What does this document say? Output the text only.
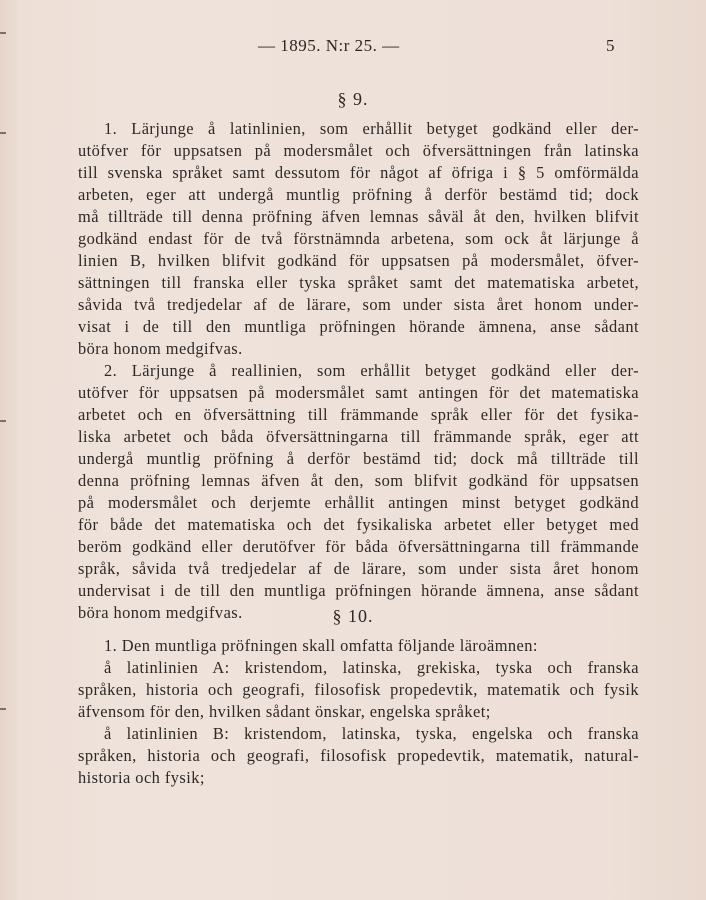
— 1895. N:r 25. —	5
§ 9.
1. Lärjunge å latinlinien, som erhållit betyget godkänd eller der-
utöfver för uppsatsen på modersmålet och öfversättningen från latinska
till svenska språket samt dessutom för något af öfriga i § 5 omförmälda
arbeten, eger att undergå muntlig pröfning å derför bestämd tid; dock
må tillträde till denna pröfning äfven lemnas såväl åt den, hvilken blifvit
godkänd endast för de två förstnämnda arbetena, som ock åt lärjunge å
linien B, hvilken blifvit godkänd för uppsatsen på modersmålet, öfver-
sättningen till franska eller tyska språket samt det matematiska arbetet,
såvida två tredjedelar af de lärare, som under sista året honom under-
visat i de till den muntliga pröfningen hörande ämnena, anse sådant
böra honom medgifvas.
2. Lärjunge å reallinien, som erhållit betyget godkänd eller der-
utöfver för uppsatsen på modersmålet samt antingen för det matematiska
arbetet och en öfversättning till främmande språk eller för det fysika-
liska arbetet och båda öfversättningarna till främmande språk, eger att
undergå muntlig pröfning å derför bestämd tid; dock må tillträde till
denna pröfning lemnas äfven åt den, som blifvit godkänd för uppsatsen
på modersmålet och derjemte erhållit antingen minst betyget godkänd
för både det matematiska och det fysikaliska arbetet eller betyget med
beröm godkänd eller derutöfver för båda öfversättningarna till främmande
språk, såvida två tredjedelar af de lärare, som under sista året honom
undervisat i de till den muntliga pröfningen hörande ämnena, anse sådant
böra honom medgifvas.	§ 10.
1. Den muntliga pröfningen skall omfatta följande läroämnen:
å latinlinien A: kristendom, latinska, grekiska, tyska och franska
språken, historia och geografi, filosofisk propedevtik, matematik och fysik
äfvensom för den, hvilken sådant önskar, engelska språket;
å latinlinien B: kristendom, latinska, tyska, engelska och franska
språken, historia och geografi, filosofisk propedevtik, matematik, natural-
historia och fysik;
